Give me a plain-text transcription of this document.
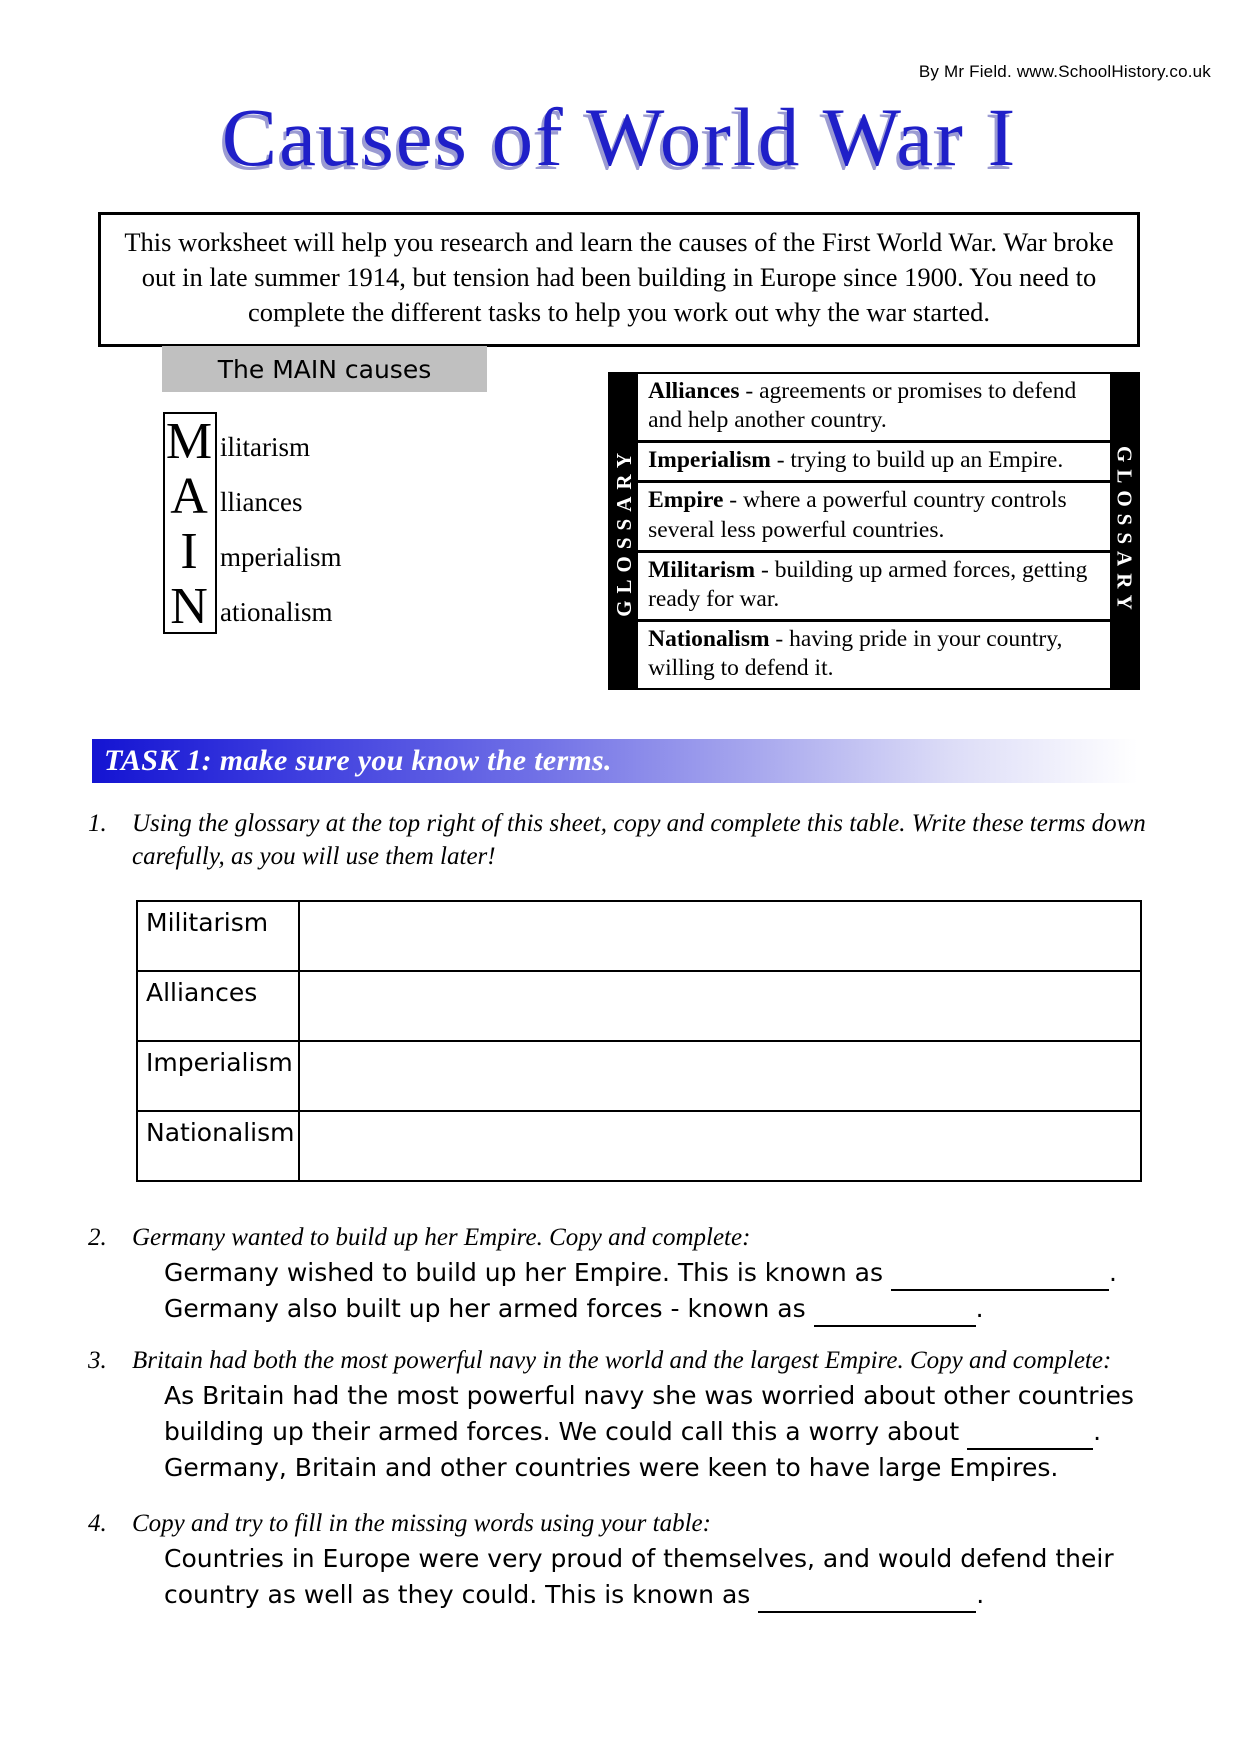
By Mr Field. www.SchoolHistory.co.uk
Causes of World War I
This worksheet will help you research and learn the causes of the First World War. War broke out in late summer 1914, but tension had been building in Europe since 1900. You need to complete the different tasks to help you work out why the war started.
The MAIN causes
M ilitarism
A lliances
I mperialism
N ationalism	GLOSSARY
Alliances - agreements or promises to defend and help another country.
Imperialism - trying to build up an Empire.
Empire - where a powerful country controls several less powerful countries.
Militarism - building up armed forces, getting ready for war.
Nationalism - having pride in your country, willing to defend it.
GLOSSARY
TASK 1: make sure you know the terms.
1.	Using the glossary at the top right of this sheet, copy and complete this table. Write these terms down carefully, as you will use them later!
Militarism	
Alliances	
Imperialism	
Nationalism	
2.	Germany wanted to build up her Empire. Copy and complete:
Germany wished to build up her Empire. This is known as	.
Germany also built up her armed forces - known as	.
3.	Britain had both the most powerful navy in the world and the largest Empire. Copy and complete:
As Britain had the most powerful navy she was worried about other countries
building up their armed forces. We could call this a worry about	.
Germany, Britain and other countries were keen to have large Empires.
4.	Copy and try to fill in the missing words using your table:
Countries in Europe were very proud of themselves, and would defend their
country as well as they could. This is known as	.
